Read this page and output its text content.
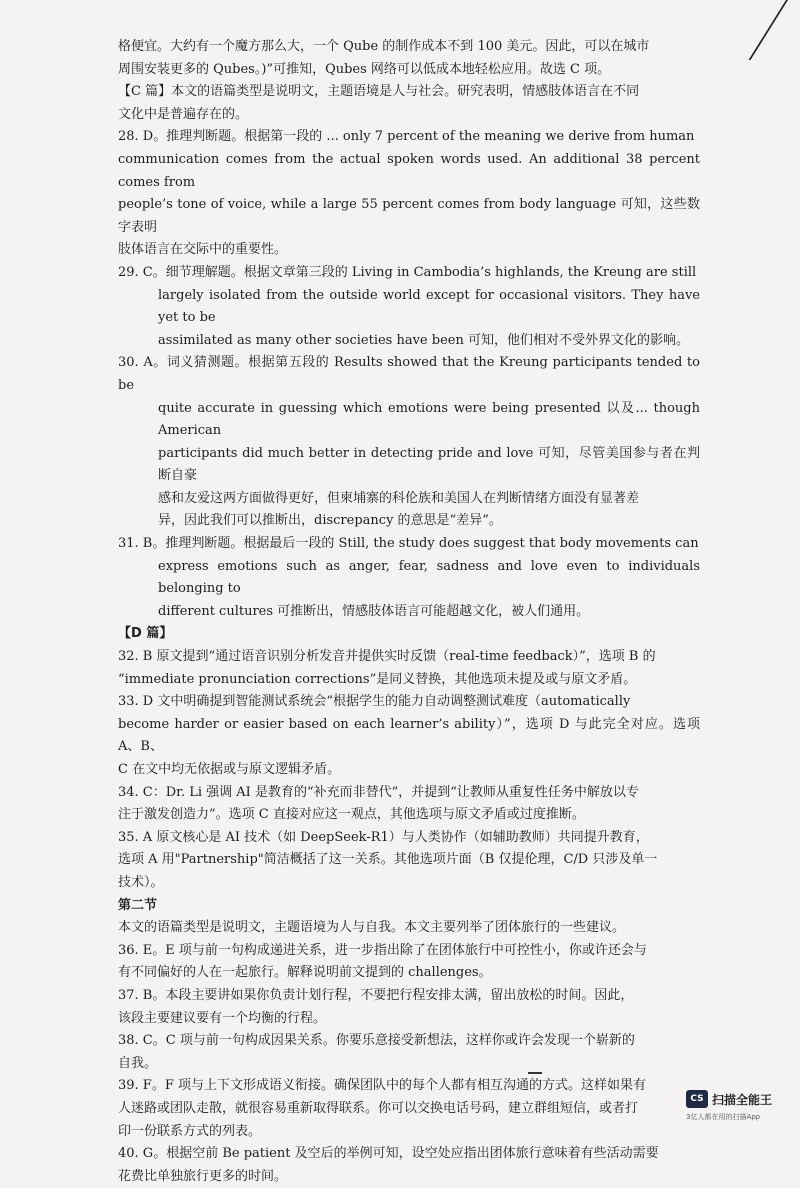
格便宜。大约有一个魔方那么大，一个 Qube 的制作成本不到 100 美元。因此，可以在城市

周围安装更多的 Qubes。)”可推知，Qubes 网络可以低成本地轻松应用。故选 C 项。

【C 篇】本文的语篇类型是说明文，主题语境是人与社会。研究表明，情感肢体语言在不同

文化中是普遍存在的。

28. D。推理判断题。根据第一段的 ... only 7 percent of the meaning we derive from human

communication comes from the actual spoken words used. An additional 38 percent comes from

people’s tone of voice, while a large 55 percent comes from body language 可知，这些数字表明

肢体语言在交际中的重要性。

29. C。细节理解题。根据文章第三段的 Living in Cambodia’s highlands, the Kreung are still

largely isolated from the outside world except for occasional visitors. They have yet to be

assimilated as many other societies have been 可知，他们相对不受外界文化的影响。

30. A。词义猜测题。根据第五段的 Results showed that the Kreung participants tended to be

quite accurate in guessing which emotions were being presented 以及... though American

participants did much better in detecting pride and love 可知，尽管美国参与者在判断自豪

感和友爱这两方面做得更好，但柬埔寨的科伦族和美国人在判断情绪方面没有显著差

异，因此我们可以推断出，discrepancy 的意思是“差异”。

31. B。推理判断题。根据最后一段的 Still, the study does suggest that body movements can

express emotions such as anger, fear, sadness and love even to individuals belonging to

different cultures 可推断出，情感肢体语言可能超越文化，被人们通用。

【D 篇】

32. B 原文提到“通过语音识别分析发音并提供实时反馈（real-time feedback）”，选项 B 的

“immediate pronunciation corrections”是同义替换，其他选项未提及或与原文矛盾。

33. D 文中明确提到智能测试系统会“根据学生的能力自动调整测试难度（automatically

become harder or easier based on each learner’s ability）”，选项 D 与此完全对应。选项 A、B、

C 在文中均无依据或与原文逻辑矛盾。

34. C：Dr. Li 强调 AI 是教育的“补充而非替代”，并提到“让教师从重复性任务中解放以专

注于激发创造力”。选项 C 直接对应这一观点，其他选项与原文矛盾或过度推断。

35. A 原文核心是 AI 技术（如 DeepSeek-R1）与人类协作（如辅助教师）共同提升教育，

选项 A 用"Partnership"简洁概括了这一关系。其他选项片面（B 仅提伦理，C/D 只涉及单一

技术）。

第二节

本文的语篇类型是说明文，主题语境为人与自我。本文主要列举了团体旅行的一些建议。

36. E。E 项与前一句构成递进关系，进一步指出除了在团体旅行中可控性小，你或许还会与

有不同偏好的人在一起旅行。解释说明前文提到的 challenges。

37. B。本段主要讲如果你负责计划行程，不要把行程安排太满，留出放松的时间。因此，

该段主要建议要有一个均衡的行程。

38. C。C 项与前一句构成因果关系。你要乐意接受新想法，这样你或许会发现一个崭新的

自我。

39. F。F 项与上下文形成语义衔接。确保团队中的每个人都有相互沟通的方式。这样如果有

人迷路或团队走散，就很容易重新取得联系。你可以交换电话号码，建立群组短信，或者打

印一份联系方式的列表。

40. G。根据空前 Be patient 及空后的举例可知，设空处应指出团体旅行意味着有些活动需要

花费比单独旅行更多的时间。

CS 扫描全能王
3亿人都在用的扫描App
